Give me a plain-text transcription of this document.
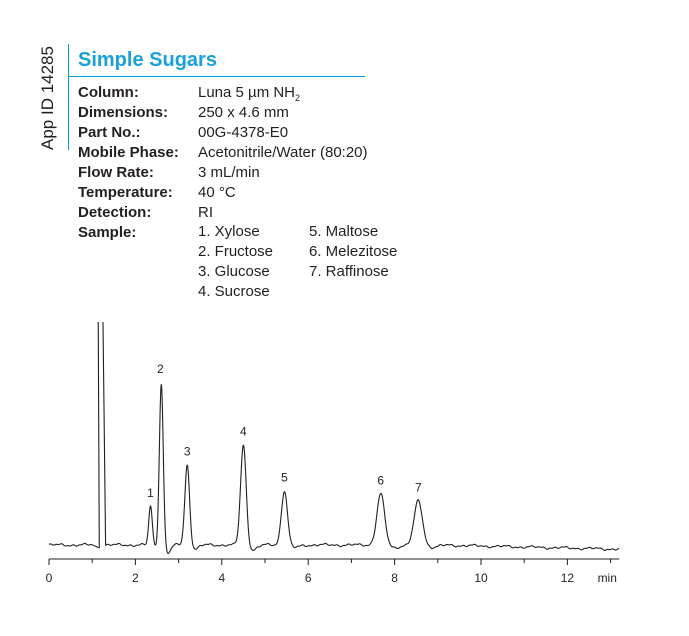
App ID 14285 Simple Sugars
Column:	Luna 5 µm $NH_2$
Dimensions:	250 x 4.6 mm
Part No.:	00G-4378-E0
Mobile Phase:	Acetonitrile/Water (80:20)
Flow Rate:	3 mL/min
Temperature:	40 °C
Detection:	RI
Sample:	1. Xylose
2. Fructose
3. Glucose
4. Sucrose
5. Maltose
6. Melezitose
7. Raffinose
0	2	4	6	8	10	12 min
1
2
3
4
5	6	7
